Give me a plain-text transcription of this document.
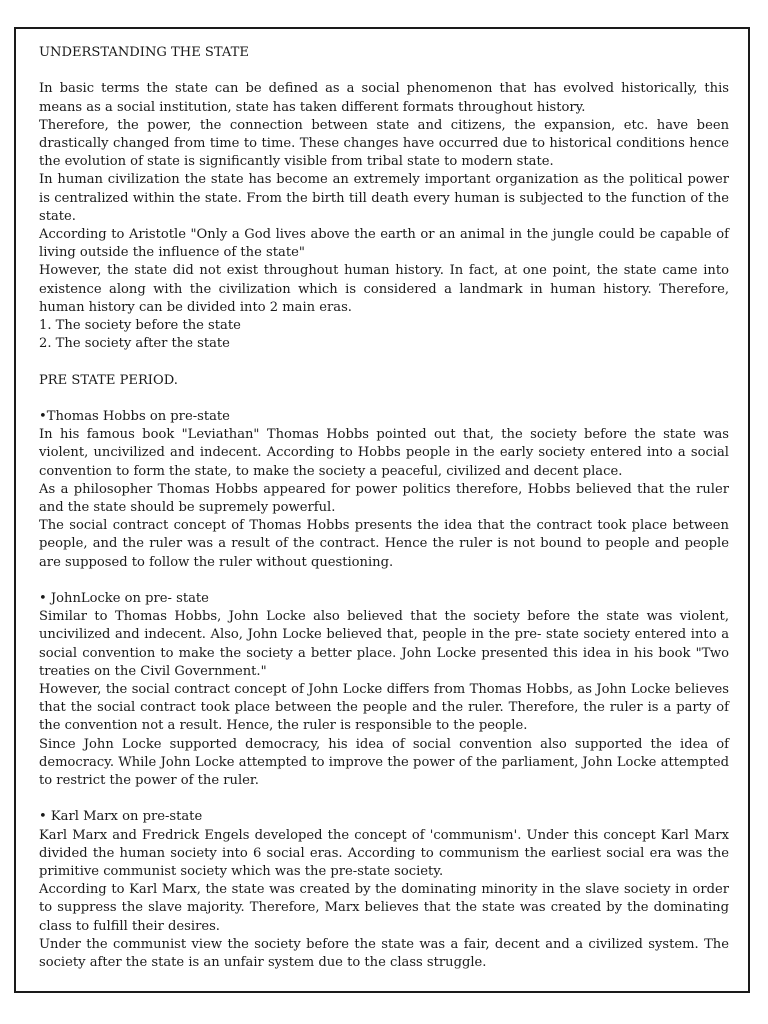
UNDERSTANDING THE STATE

In basic terms the state can be defined as a social phenomenon that has evolved historically, this means as a social institution, state has taken different formats throughout history.

Therefore, the power, the connection between state and citizens, the expansion, etc. have been drastically changed from time to time. These changes have occurred due to historical conditions hence the evolution of state is significantly visible from tribal state to modern state.

In human civilization the state has become an extremely important organization as the political power is centralized within the state. From the birth till death every human is subjected to the function of the state.

According to Aristotle "Only a God lives above the earth or an animal in the jungle could be capable of living outside the influence of the state"

However, the state did not exist throughout human history. In fact, at one point, the state came into existence along with the civilization which is considered a landmark in human history. Therefore, human history can be divided into 2 main eras.

1. The society before the state

2. The society after the state

PRE STATE PERIOD.

•Thomas Hobbs on pre-state

In his famous book "Leviathan" Thomas Hobbs pointed out that, the society before the state was violent, uncivilized and indecent. According to Hobbs people in the early society entered into a social convention to form the state, to make the society a peaceful, civilized and decent place.

As a philosopher Thomas Hobbs appeared for power politics therefore, Hobbs believed that the ruler and the state should be supremely powerful.

The social contract concept of Thomas Hobbs presents the idea that the contract took place between people, and the ruler was a result of the contract. Hence the ruler is not bound to people and people are supposed to follow the ruler without questioning.

• JohnLocke on pre- state

Similar to Thomas Hobbs, John Locke also believed that the society before the state was violent, uncivilized and indecent. Also, John Locke believed that, people in the pre- state society entered into a social convention to make the society a better place. John Locke presented this idea in his book "Two treaties on the Civil Government."

However, the social contract concept of John Locke differs from Thomas Hobbs, as John Locke believes that the social contract took place between the people and the ruler. Therefore, the ruler is a party of the convention not a result. Hence, the ruler is responsible to the people.

Since John Locke supported democracy, his idea of social convention also supported the idea of democracy. While John Locke attempted to improve the power of the parliament, John Locke attempted to restrict the power of the ruler.

• Karl Marx on pre-state

Karl Marx and Fredrick Engels developed the concept of 'communism'. Under this concept Karl Marx divided the human society into 6 social eras. According to communism the earliest social era was the primitive communist society which was the pre-state society.

According to Karl Marx, the state was created by the dominating minority in the slave society in order to suppress the slave majority. Therefore, Marx believes that the state was created by the dominating class to fulfill their desires.

Under the communist view the society before the state was a fair, decent and a civilized system. The society after the state is an unfair system due to the class struggle.
